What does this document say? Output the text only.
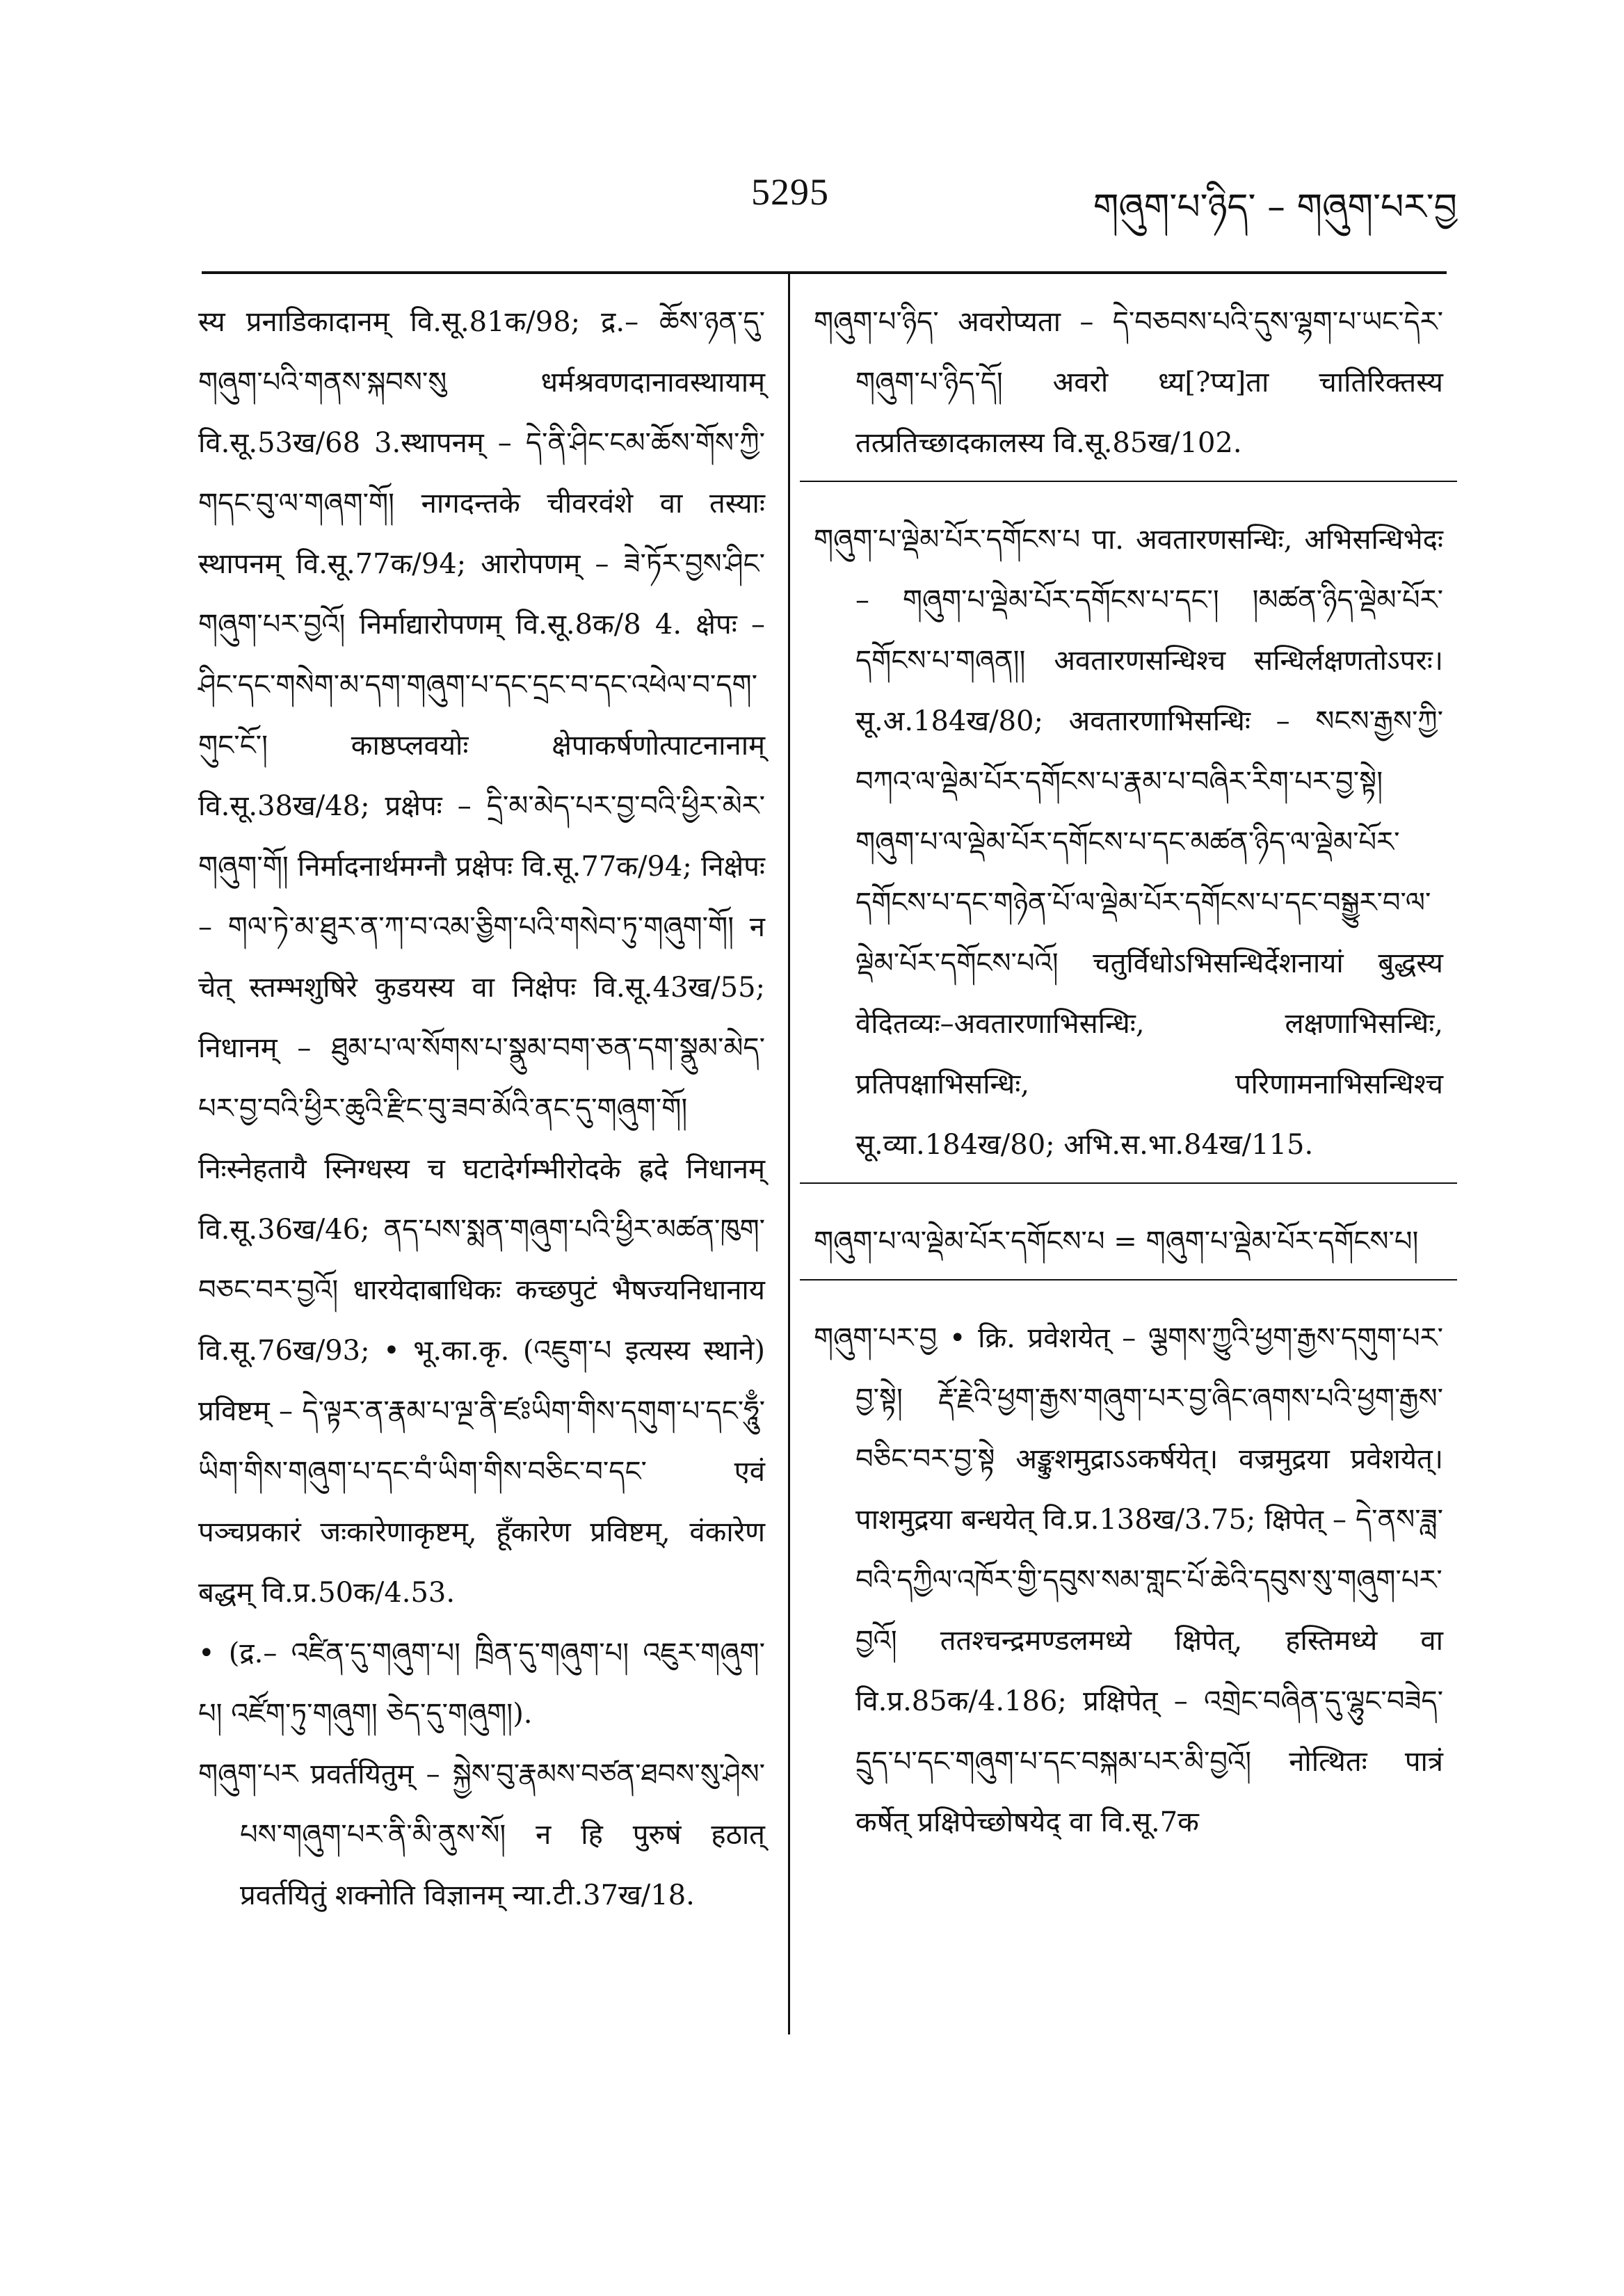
5295	གཞུག་པ་ཉིད་ – གཞུག་པར་བྱ

स्य प्रनाडिकादानम् वि.सू.81क/98; द्र.– ཆོས་ཉན་དུ་གཞུག་པའི་གནས་སྐབས་སུ धर्मश्रवणदानावस्थायाम् वि.सू.53ख/68 3.स्थापनम् – དེ་ནི་ཤིང་ངམ་ཆོས་གོས་ཀྱི་གདང་བུ་ལ་གཞག་གོ། नागदन्तके चीवरवंशे वा तस्याः स्थापनम् वि.सू.77क/94; आरोपणम् – ཟེ་ཏོར་བྱས་ཤིང་གཞུག་པར་བྱའོ། निर्माद्यारोपणम् वि.सू.8क/8 4. क्षेपः – ཤིང་དང་གསེག་མ་དག་གཞུག་པ་དང་དྲང་བ་དང་འཕེལ་བ་དག་གུང་ངོ་། काष्ठप्लवयोः क्षेपाकर्षणोत्पाटनानाम् वि.सू.38ख/48; प्रक्षेपः – དྲི་མ་མེད་པར་བྱ་བའི་ཕྱིར་མེར་གཞུག་གོ། निर्मादनार्थमग्नौ प्रक्षेपः वि.सू.77क/94; निक्षेपः – གལ་ཏེ་མ་ཐུར་ན་ཀ་བ་འམ་ཅྱིག་པའི་གསེབ་ཏུ་གཞུག་གོ། न चेत् स्तम्भशुषिरे कुडयस्य वा निक्षेपः वि.सू.43ख/55; निधानम् – ཐུམ་པ་ལ་སོགས་པ་སྣུམ་བག་ཅན་དག་སྣུམ་མེད་པར་བྱ་བའི་ཕྱིར་ཆུའི་རྫིང་བུ་ཟབ་མོའི་ནང་དུ་གཞུག་གོ། निःस्नेहतायै स्निग्धस्य च घटादेर्गम्भीरोदके ह्रदे निधानम् वि.सू.36ख/46; ནད་པས་སྨན་གཞུག་པའི་ཕྱིར་མཚན་ཁུག་བཅང་བར་བྱའོ། धारयेदाबाधिकः कच्छपुटं भैषज्यनिधानाय वि.सू.76ख/93; • भू.का.कृ. (འཇུག་པ इत्यस्य स्थाने) प्रविष्टम् – དེ་ལྟར་ན་རྣམ་པ་ལྔ་ནི་ཛཿཡིག་གིས་དགུག་པ་དང་ཧཱུྃ་ཡིག་གིས་གཞུག་པ་དང་བཾ་ཡིག་གིས་བཅིང་བ་དང་ एवं पञ्चप्रकारं जःकारेणाकृष्टम्, हूँकारेण प्रविष्टम्, वंकारेण बद्धम् वि.प्र.50क/4.53.

• (द्र.– འཛིན་དུ་གཞུག་པ། ཁྲིན་དུ་གཞུག་པ། འཇུར་གཞུག་པ། འཛོག་ཏུ་གཞུག། ཅེད་དུ་གཞུག།).

གཞུག་པར प्रवर्तयितुम् – སྐྱེས་བུ་རྣམས་བཙན་ཐབས་སུ་ཤེས་པས་གཞུག་པར་ནི་མི་ནུས་སོ། न हि पुरुषं हठात् प्रवर्तयितुं शक्नोति विज्ञानम् न्या.टी.37ख/18.

གཞུག་པ་ཉིད་ अवरोप्यता – དེ་བཅབས་པའི་དུས་ལྷག་པ་ཡང་དེར་གཞུག་པ་ཉིད་དོ། अवरो ध्य[?प्य]ता चातिरिक्तस्य तत्प्रतिच्छादकालस्य वि.सू.85ख/102.

གཞུག་པ་ལྡེམ་པོར་དགོངས་པ पा. अवतारणसन्धिः, अभिसन्धिभेदः – གཞུག་པ་ལྡེམ་པོར་དགོངས་པ་དང་། །མཚན་ཉིད་ལྡེམ་པོར་དགོངས་པ་གཞན།། अवतारणसन्धिश्च सन्धिर्लक्षणतोऽपरः। सू.अ.184ख/80; अवतारणाभिसन्धिः – སངས་རྒྱས་ཀྱི་བཀའ་ལ་ལྡེམ་པོར་དགོངས་པ་རྣམ་པ་བཞིར་རིག་པར་བྱ་སྟེ། གཞུག་པ་ལ་ལྡེམ་པོར་དགོངས་པ་དང་མཚན་ཉིད་ལ་ལྡེམ་པོར་དགོངས་པ་དང་གཉེན་པོ་ལ་ལྡེམ་པོར་དགོངས་པ་དང་བསྒྱུར་བ་ལ་ལྡེམ་པོར་དགོངས་པའོ། चतुर्विधोऽभिसन्धिर्देशनायां बुद्धस्य वेदितव्यः–अवतारणाभिसन्धिः, लक्षणाभिसन्धिः, प्रतिपक्षाभिसन्धिः, परिणामनाभिसन्धिश्च सू.व्या.184ख/80; अभि.स.भा.84ख/115.

གཞུག་པ་ལ་ལྡེམ་པོར་དགོངས་པ = གཞུག་པ་ལྡེམ་པོར་དགོངས་པ།

གཞུག་པར་བྱ • क्रि. प्रवेशयेत् – ལྕགས་ཀྱུའི་ཕྱག་རྒྱས་དགུག་པར་བྱ་སྟེ། རྡོ་རྗེའི་ཕྱག་རྒྱས་གཞུག་པར་བྱ་ཞིང་ཞགས་པའི་ཕྱག་རྒྱས་བཅིང་བར་བྱ་སྟེ अङ्कुशमुद्राऽऽकर्षयेत्। वज्रमुद्रया प्रवेशयेत्। पाशमुद्रया बन्धयेत् वि.प्र.138ख/3.75; क्षिपेत् – དེ་ནས་ཟླ་བའི་དཀྱིལ་འཁོར་གྱི་དབུས་སམ་གླང་པོ་ཆེའི་དབུས་སུ་གཞུག་པར་བྱའོ། ततश्चन्द्रमण्डलमध्ये क्षिपेत्, हस्तिमध्ये वा वि.प्र.85क/4.186; प्रक्षिपेत् – འགྲེང་བཞིན་དུ་ལྷུང་བཟེད་དྲུད་པ་དང་གཞུག་པ་དང་བསྐམ་པར་མི་བྱའོ། नोत्थितः पात्रं कर्षेत् प्रक्षिपेच्छोषयेद् वा वि.सू.7क
